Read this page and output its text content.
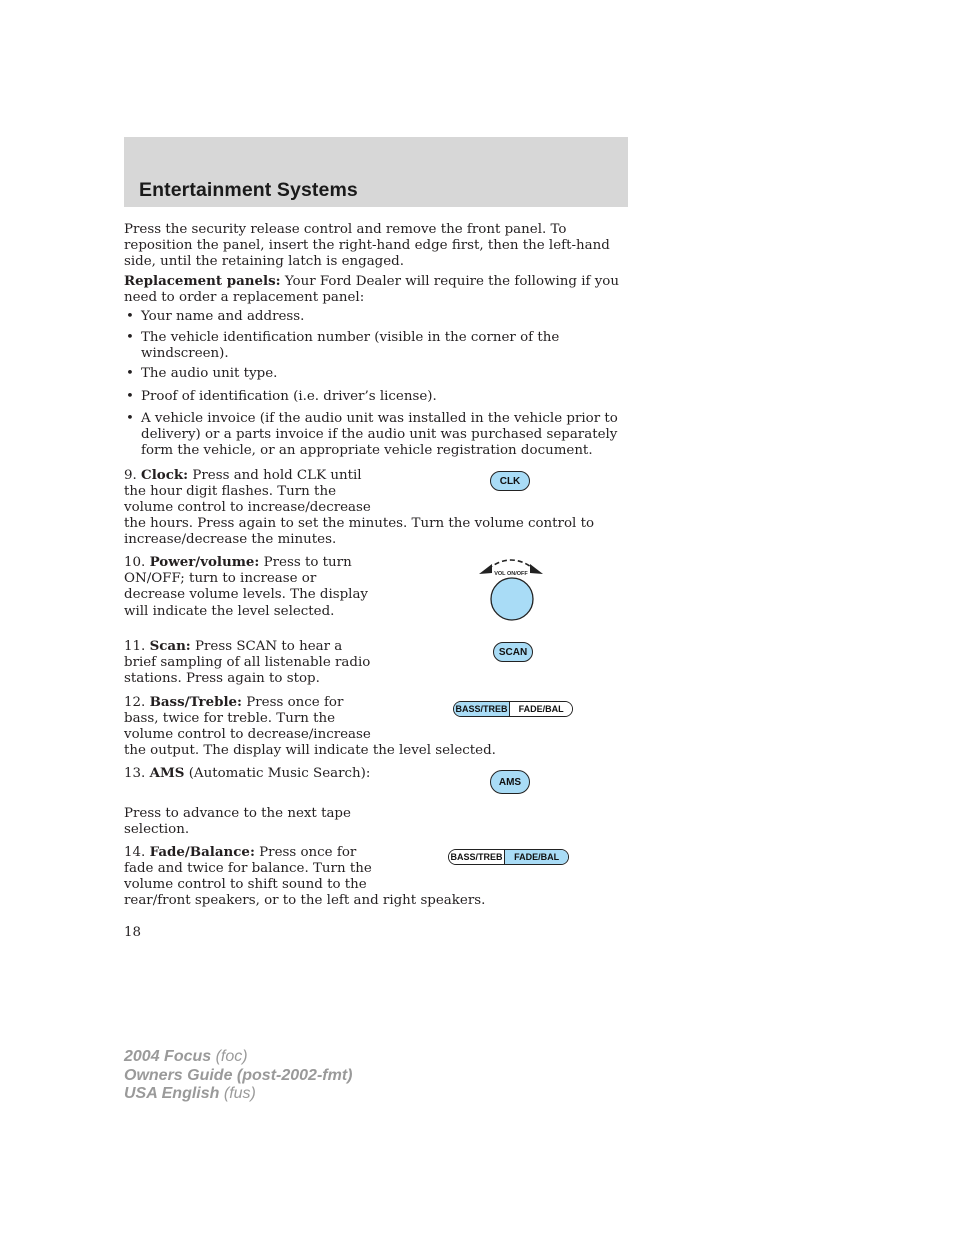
Entertainment Systems

Press the security release control and remove the front panel. To reposition the panel, insert the right-hand edge first, then the left-hand side, until the retaining latch is engaged.

Replacement panels: Your Ford Dealer will require the following if you need to order a replacement panel:

• Your name and address.
• The vehicle identification number (visible in the corner of the windscreen).
• The audio unit type.
• Proof of identification (i.e. driver’s license).
• A vehicle invoice (if the audio unit was installed in the vehicle prior to delivery) or a parts invoice if the audio unit was purchased separately form the vehicle, or an appropriate vehicle registration document.

9. Clock: Press and hold CLK until the hour digit flashes. Turn the volume control to increase/decrease

the hours. Press again to set the minutes. Turn the volume control to increase/decrease the minutes.

CLK

10. Power/volume: Press to turn ON/OFF; turn to increase or decrease volume levels. The display will indicate the level selected.

VOL ON/OFF

11. Scan: Press SCAN to hear a brief sampling of all listenable radio stations. Press again to stop.

SCAN

12. Bass/Treble: Press once for bass, twice for treble. Turn the volume control to decrease/increase

the output. The display will indicate the level selected.

BASS/TREB	FADE/BAL

13. AMS (Automatic Music Search):

Press to advance to the next tape selection.

AMS

14. Fade/Balance: Press once for fade and twice for balance. Turn the volume control to shift sound to the

rear/front speakers, or to the left and right speakers.

BASS/TREB	FADE/BAL
18
2004 Focus (foc)
Owners Guide (post-2002-fmt)
USA English (fus)
